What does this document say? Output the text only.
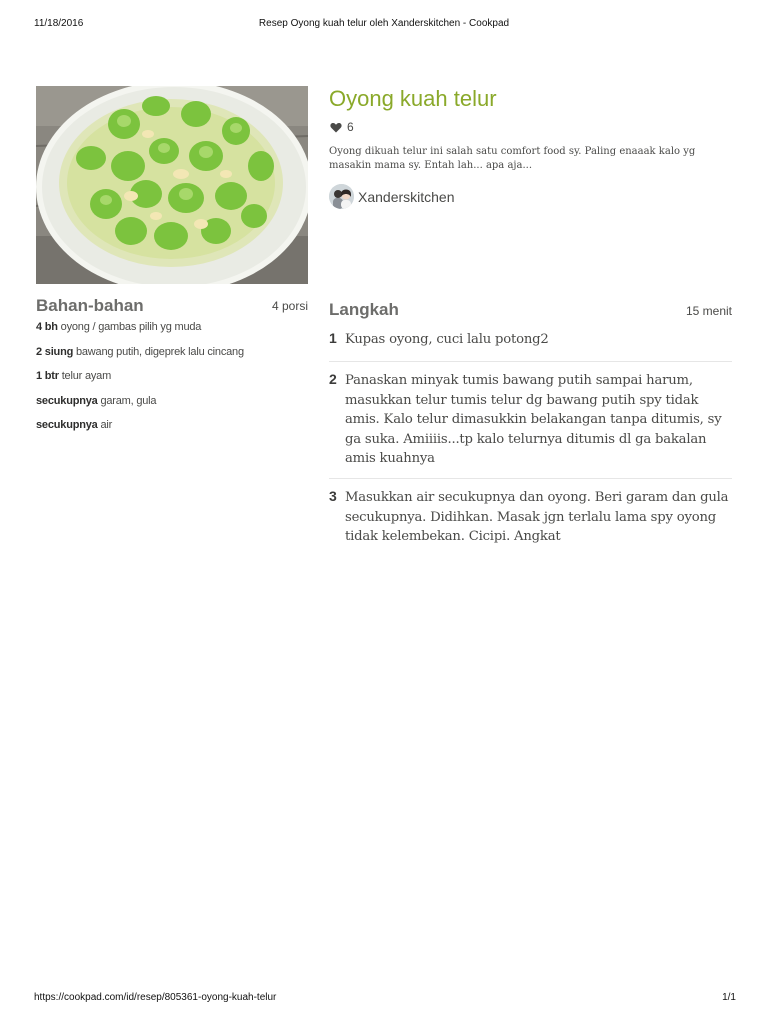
11/18/2016	Resep Oyong kuah telur oleh Xanderskitchen - Cookpad
Oyong kuah telur
6
Oyong dikuah telur ini salah satu comfort food sy. Paling enaaak kalo yg masakin mama sy. Entah lah... apa aja...
Xanderskitchen
Bahan-bahan	4 porsi
4 bh oyong / gambas pilih yg muda
2 siung bawang putih, digeprek lalu cincang
1 btr telur ayam
secukupnya garam, gula
secukupnya air
Langkah	15 menit
1 Kupas oyong, cuci lalu potong2
2 Panaskan minyak tumis bawang putih sampai harum, masukkan telur tumis telur dg bawang putih spy tidak amis. Kalo telur dimasukkin belakangan tanpa ditumis, sy ga suka. Amiiiis...tp kalo telurnya ditumis dl ga bakalan amis kuahnya
3 Masukkan air secukupnya dan oyong. Beri garam dan gula secukupnya. Didihkan. Masak jgn terlalu lama spy oyong tidak kelembekan. Cicipi. Angkat
https://cookpad.com/id/resep/805361-oyong-kuah-telur	1/1
